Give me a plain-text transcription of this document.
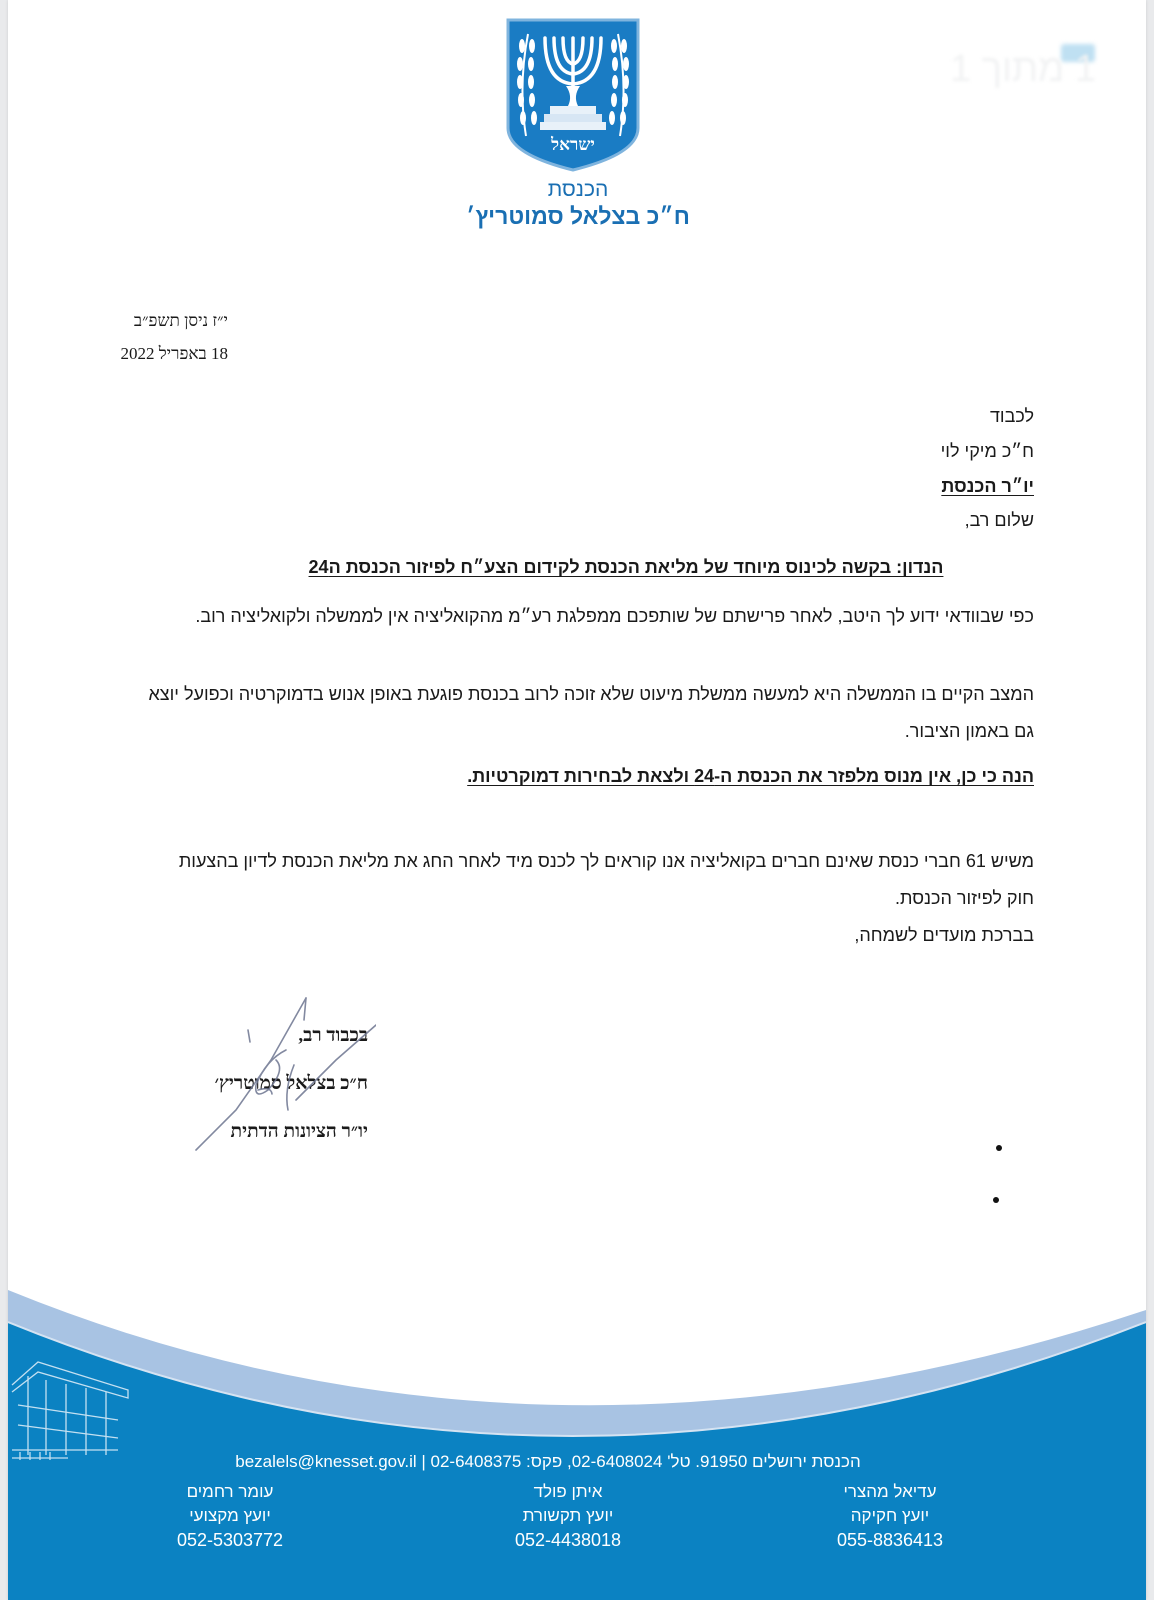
1 מתוך 1
ישראל
הכנסת
ח״כ בצלאל סמוטריץ׳
י״ז ניסן תשפ״ב
18 באפריל 2022
לכבוד
ח״כ מיקי לוי
יו״ר הכנסת
שלום רב,
הנדון: בקשה לכינוס מיוחד של מליאת הכנסת לקידום הצע״ח לפיזור הכנסת ה24
כפי שבוודאי ידוע לך היטב, לאחר פרישתם של שותפכם ממפלגת רע״מ מהקואליציה אין לממשלה ולקואליציה רוב.
המצב הקיים בו הממשלה היא למעשה ממשלת מיעוט שלא זוכה לרוב בכנסת פוגעת באופן אנוש בדמוקרטיה וכפועל יוצא גם באמון הציבור.
הנה כי כן, אין מנוס מלפזר את הכנסת ה-24 ולצאת לבחירות דמוקרטיות.
משיש 61 חברי כנסת שאינם חברים בקואליציה אנו קוראים לך לכנס מיד לאחר החג את מליאת הכנסת לדיון בהצעות חוק לפיזור הכנסת.
בברכת מועדים לשמחה,
בכבוד רב,
ח״כ בצלאל סמוטריץ׳
יו״ר הציונות הדתית
הכנסת ירושלים 91950. טל' 02-6408024, פקס: 02-6408375 | bezalels@knesset.gov.il
עדיאל מהצרי
יועץ חקיקה
055-8836413
איתן פולד
יועץ תקשורת
052-4438018
עומר רחמים
יועץ מקצועי
052-5303772
